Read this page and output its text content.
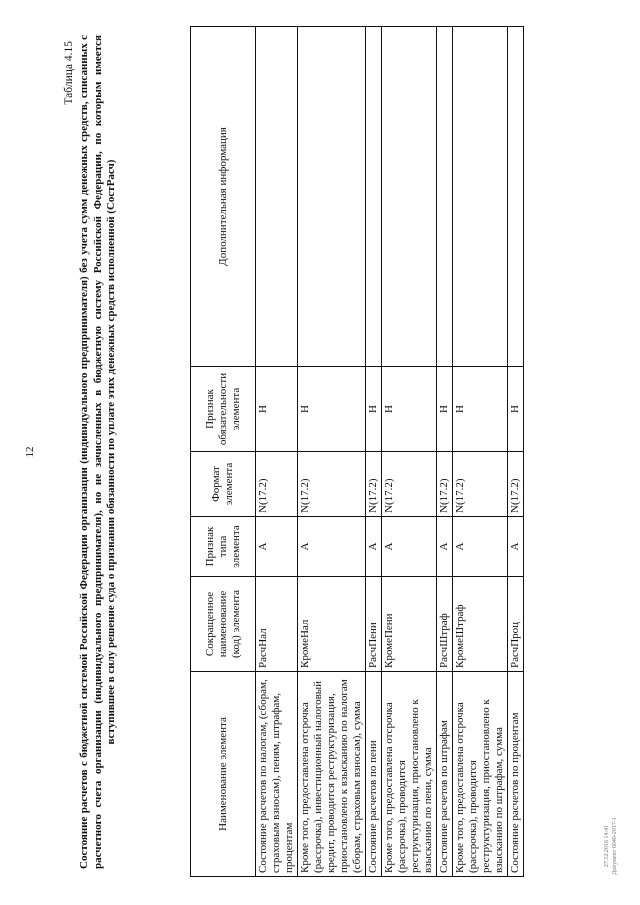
12
27.12.2016 14:41 Документ 6040-2017-1
Таблица 4.15 Состояние расчетов с бюджетной системой Российской Федерации организации (индивидуального предпринимателя) без учета сумм денежных средств, списанных с расчетного счета организации (индивидуального предпринимателя), но не зачисленных в бюджетную систему Российской Федерации, по которым имеется вступившее в силу решение суда о признании обязанности по уплате этих денежных средств исполненной (СостРасч)
Наименование элемента	Сокращенное наименование (код) элемента	Признак типа элемента	Формат элемента	Признак обязательности элемента	Дополнительная информация
Состояние расчетов по налогам, (сборам, страховым взносам), пеням, штрафам, процентам	РасчНал	А	N(17.2)	Н	
Кроме того, предоставлена отсрочка (рассрочка), инвестиционный налоговый кредит, проводится реструктуризация, приостановлено к взысканию по налогам (сборам, страховым взносам), сумма	КромеНал	А	N(17.2)	Н	
Состояние расчетов по пени	РасчПени	А	N(17.2)	Н	
Кроме того, предоставлена отсрочка (рассрочка), проводится реструктуризация, приостановлено к взысканию по пени, сумма	КромеПени	А	N(17.2)	Н	
Состояние расчетов по штрафам	РасчШтраф	А	N(17.2)	Н	
Кроме того, предоставлена отсрочка (рассрочка), проводится реструктуризация, приостановлено к взысканию по штрафам, сумма	КромеШтраф	А	N(17.2)	Н	
Состояние расчетов по процентам	РасчПроц	А	N(17.2)	Н	
